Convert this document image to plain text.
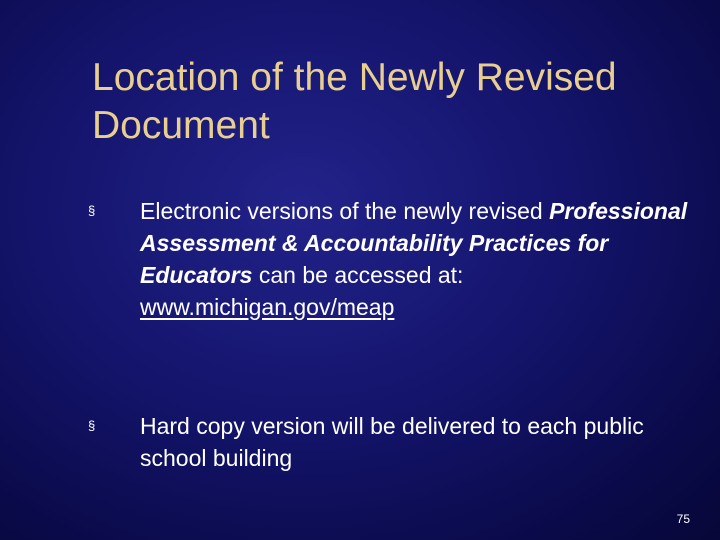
Location of the Newly Revised Document
§ Electronic versions of the newly revised Professional Assessment & Accountability Practices for Educators can be accessed at: www.michigan.gov/meap
§ Hard copy version will be delivered to each public school building
75
